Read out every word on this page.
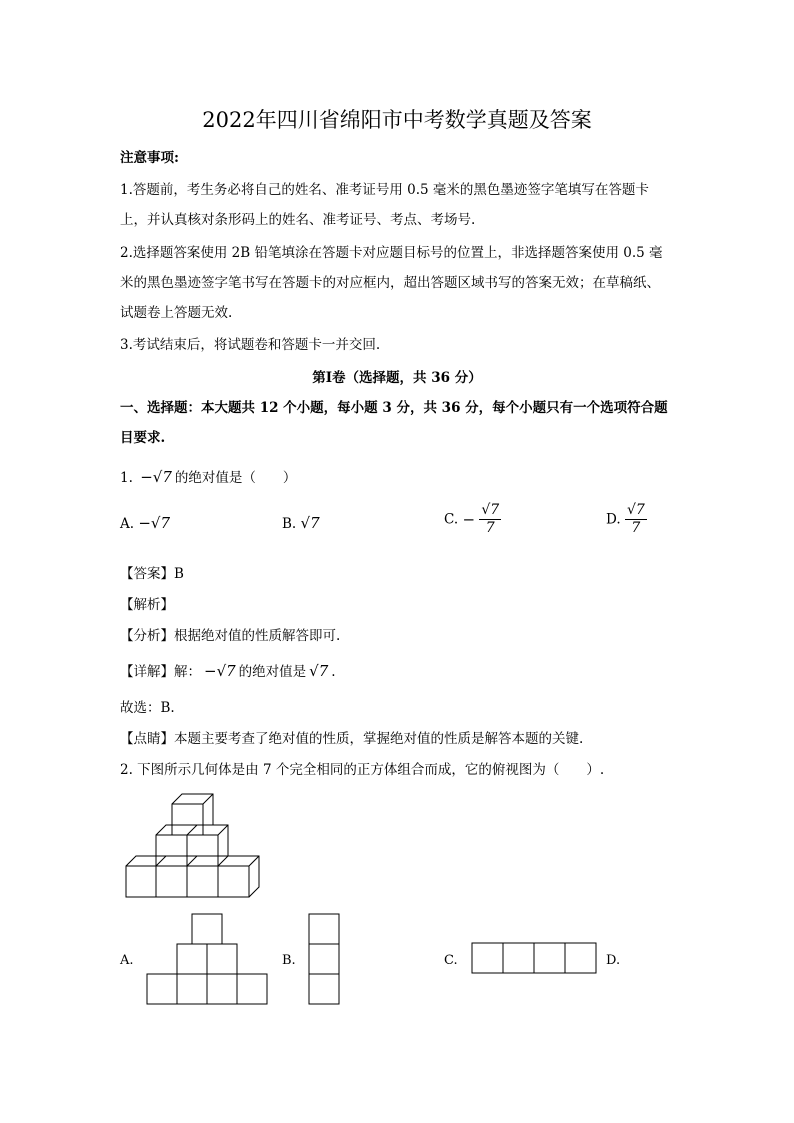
2022年四川省绵阳市中考数学真题及答案
注意事项:
1.答题前，考生务必将自己的姓名、准考证号用 0.5 毫米的黑色墨迹签字笔填写在答题卡
上，并认真核对条形码上的姓名、准考证号、考点、考场号.
2.选择题答案使用 2B 铅笔填涂在答题卡对应题目标号的位置上，非选择题答案使用 0.5 毫
米的黑色墨迹签字笔书写在答题卡的对应框内，超出答题区域书写的答案无效；在草稿纸、
试题卷上答题无效.
3.考试结束后，将试题卷和答题卡一并交回.
第Ⅰ卷（选择题，共 36 分）
一、选择题：本大题共 12 个小题，每小题 3 分，共 36 分，每个小题只有一个选项符合题
目要求.
1. −√7 的绝对值是（　　）
A. −√7	B. √7	C. − $\frac{√7}{7}$	D. $\frac{√7}{7}$
【答案】B
【解析】
【分析】根据绝对值的性质解答即可.
【详解】解： −√7 的绝对值是 √7 .
故选：B.
【点睛】本题主要考查了绝对值的性质，掌握绝对值的性质是解答本题的关键.
2. 下图所示几何体是由 7 个完全相同的正方体组合而成，它的俯视图为（　　）.
A.	B.	C.	D.
